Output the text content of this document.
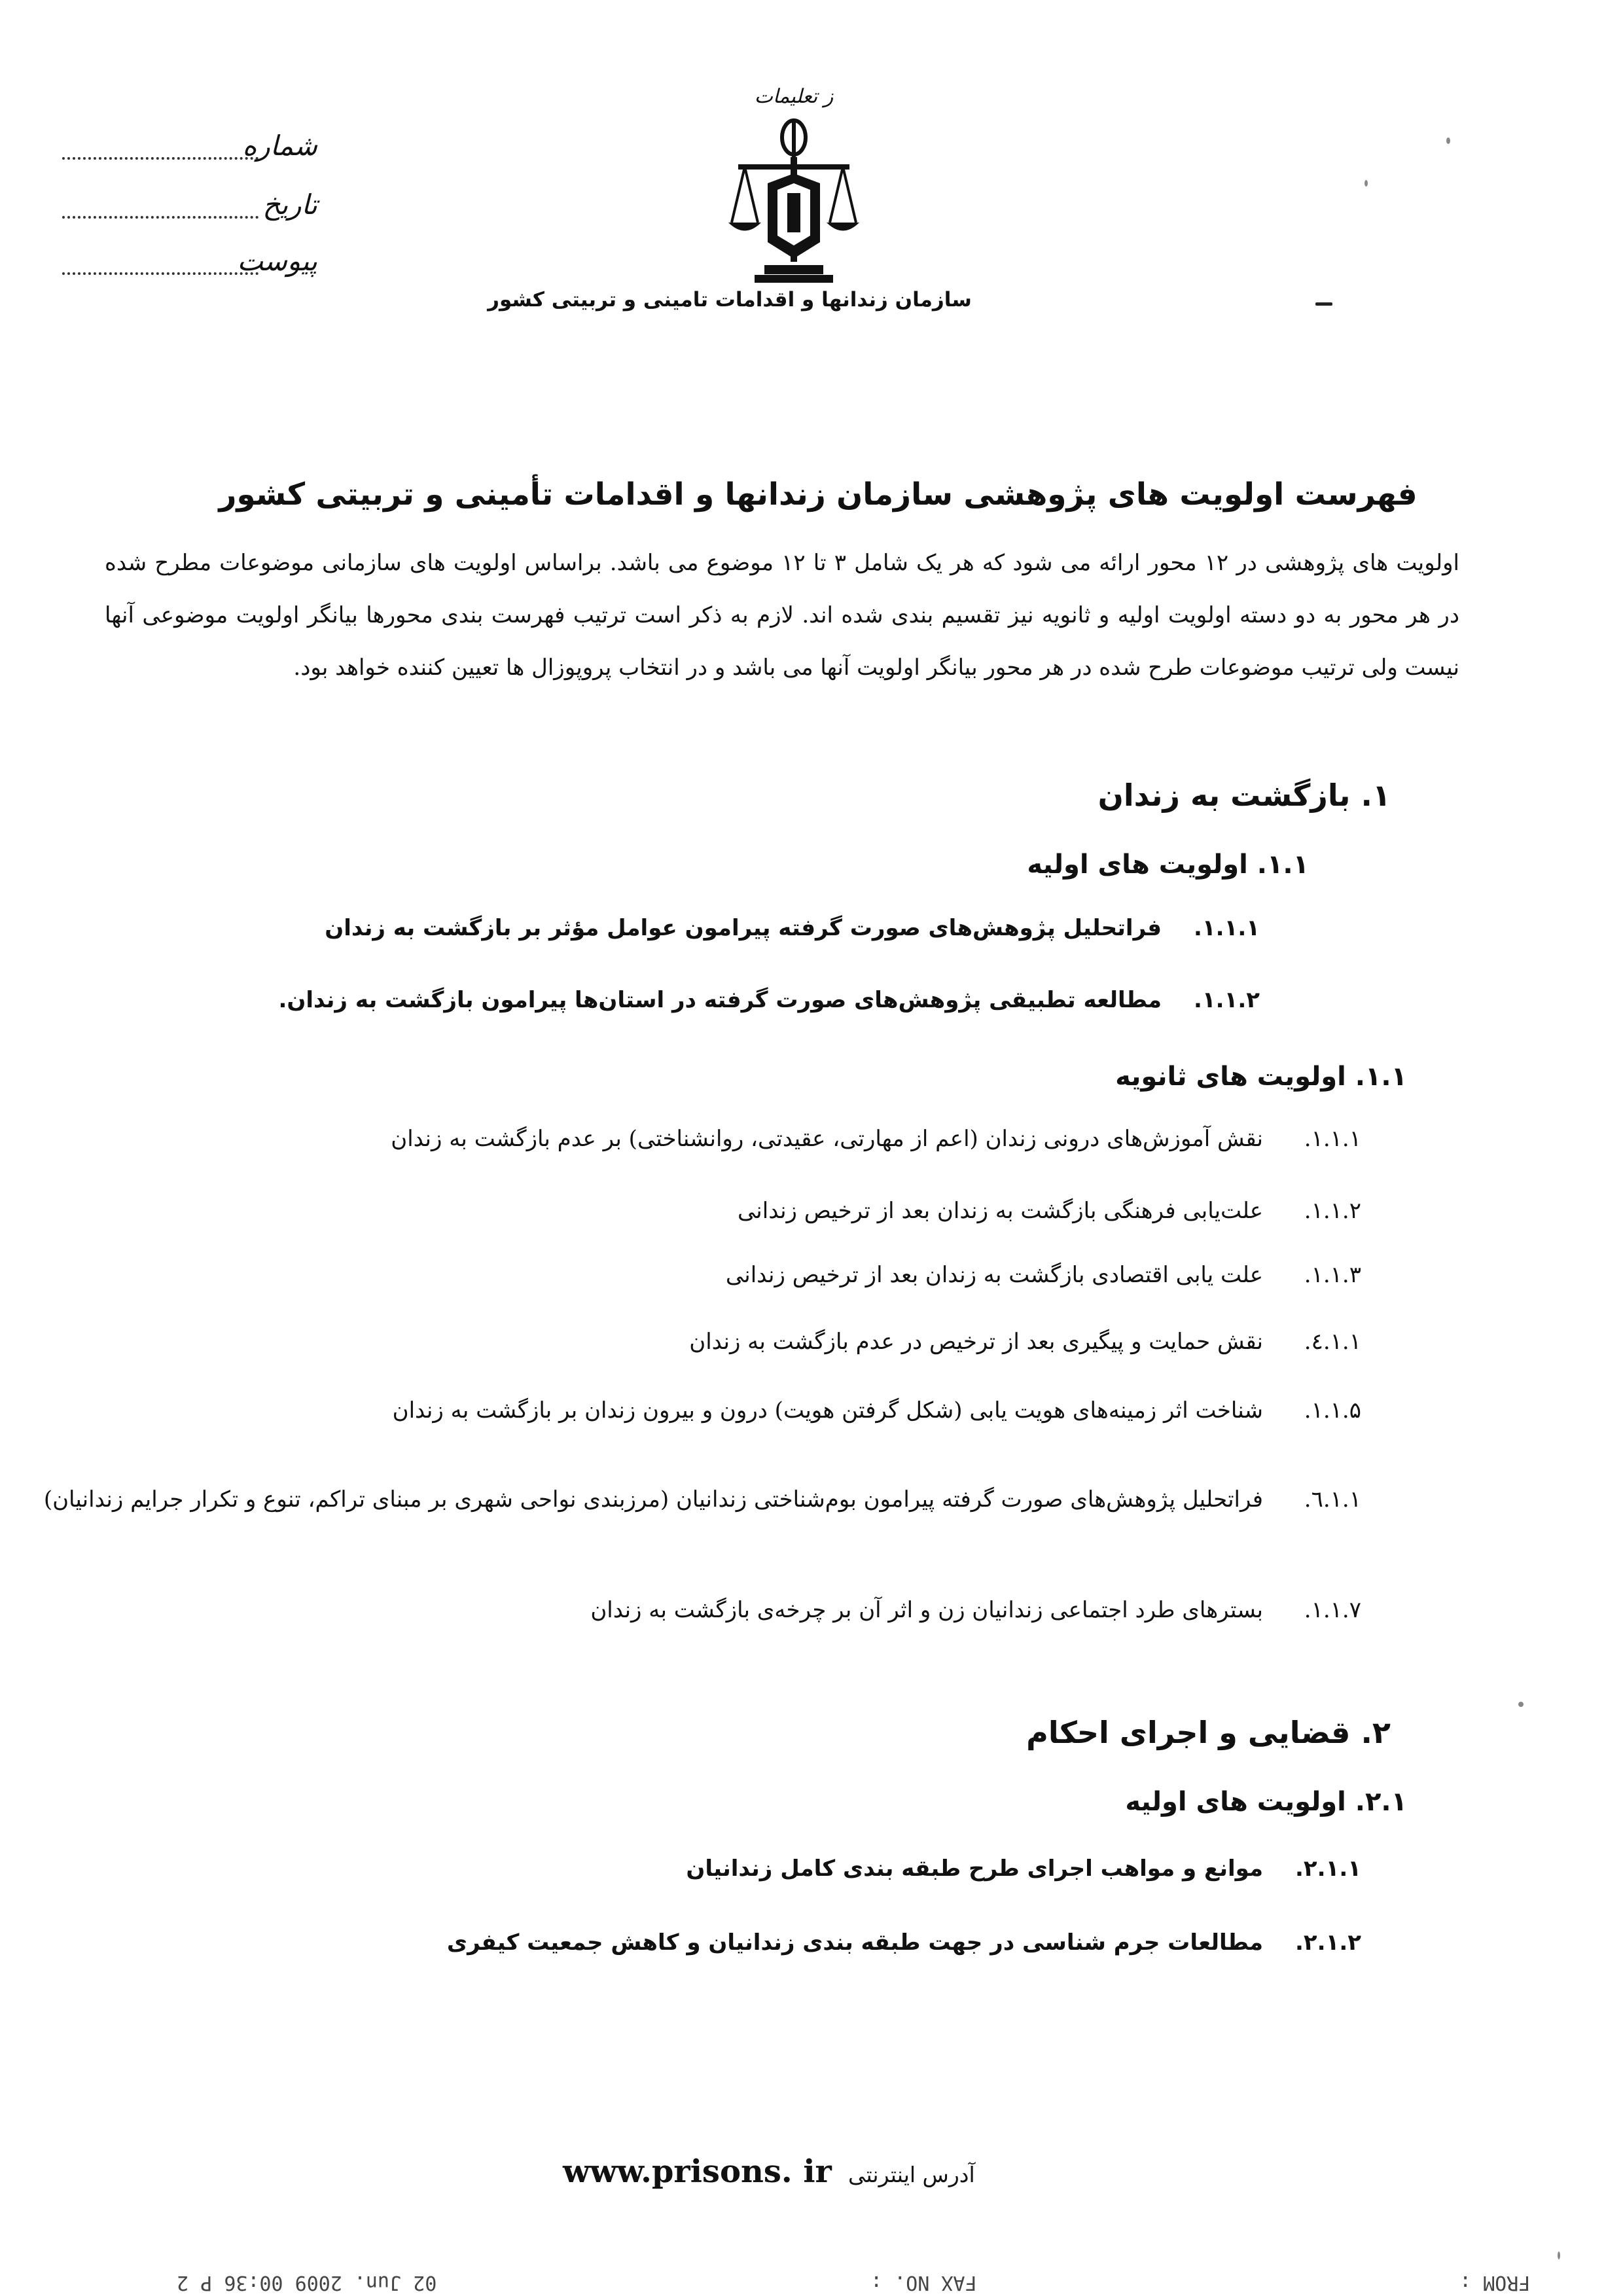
شماره
تاریخ
پیوست
ز تعلیمات
سازمان زندانها و اقدامات تامینی و تربیتی کشور
فهرست اولویت های پژوهشی سازمان زندانها و اقدامات تأمینی و تربیتی کشور
اولویت های پژوهشی در ۱۲ محور ارائه می شود که هر یک شامل ۳ تا ۱۲ موضوع می باشد. براساس اولویت های سازمانی موضوعات مطرح شده در هر محور به دو دسته اولویت اولیه و ثانویه نیز تقسیم بندی شده اند. لازم به ذکر است ترتیب فهرست بندی محورها بیانگر اولویت موضوعی آنها نیست ولی ترتیب موضوعات طرح شده در هر محور بیانگر اولویت آنها می باشد و در انتخاب پروپوزال ها تعیین کننده خواهد بود.
۱. بازگشت به زندان
۱.۱. اولویت های اولیه
۱.۱.۱.فراتحلیل پژوهش‌های صورت گرفته پیرامون عوامل مؤثر بر بازگشت به زندان
۱.۱.۲.مطالعه تطبیقی پژوهش‌های صورت گرفته در استان‌ها پیرامون بازگشت به زندان.
۱.۱. اولویت های ثانویه
۱.۱.۱.نقش آموزش‌های درونی زندان (اعم از مهارتی، عقیدتی، روانشناختی) بر عدم بازگشت به زندان
۱.۱.۲.علت‌یابی فرهنگی بازگشت به زندان بعد از ترخیص زندانی
۱.۱.۳.علت یابی اقتصادی بازگشت به زندان بعد از ترخیص زندانی
۱.۱.٤.نقش حمایت و پیگیری بعد از ترخیص در عدم بازگشت به زندان
۱.۱.۵.شناخت اثر زمینه‌های هویت یابی (شکل گرفتن هویت) درون و بیرون زندان بر بازگشت به زندان
۱.۱.٦.فراتحلیل پژوهش‌های صورت گرفته پیرامون بوم‌شناختی زندانیان (مرزبندی نواحی شهری بر مبنای تراکم، تنوع و تکرار جرایم زندانیان)
۱.۱.۷.بسترهای طرد اجتماعی زندانیان زن و اثر آن بر چرخه‌ی بازگشت به زندان
۲. قضایی و اجرای احکام
۲.۱. اولویت های اولیه
۲.۱.۱.موانع و مواهب اجرای طرح طبقه بندی کامل زندانیان
۲.۱.۲.مطالعات جرم شناسی در جهت طبقه بندی زندانیان و کاهش جمعیت کیفری
آدرس اینترنتی www.prisons. ir
FROM :
FAX NO. :
02 Jun. 2009 00:36 P 2
